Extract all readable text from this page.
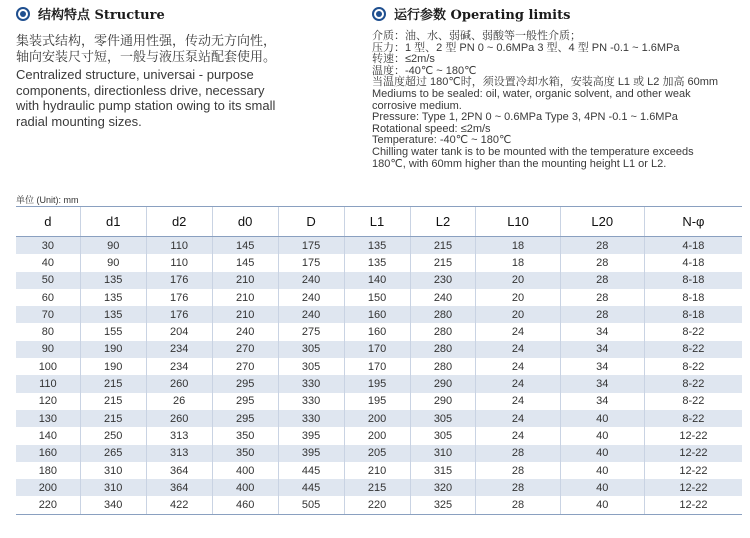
结构特点 Structure
集装式结构，零件通用性强，传动无方向性，
轴向安装尺寸短，一般与液压泵站配套使用。
Centralized structure, universai - purpose
components, directionless drive, necessary
with hydraulic pump station owing to its small
radial mounting sizes.
运行参数 Operating limits
介质：油、水、弱碱、弱酸等一般性介质；
压力：1 型、2 型 PN 0 ~ 0.6MPa 3 型、4 型 PN -0.1 ~ 1.6MPa
转速：≤2m/s
温度：-40℃ ~ 180℃
当温度超过 180℃时，须设置冷却水箱，安装高度 L1 或 L2 加高 60mm
Mediums to be sealed: oil, water, organic solvent, and other weak
corrosive medium.
Pressure: Type 1, 2PN 0 ~ 0.6MPa Type 3, 4PN -0.1 ~ 1.6MPa
Rotational speed: ≤2m/s
Temperature: -40℃ ~ 180℃
Chilling water tank is to be mounted with the temperature exceeds
180℃, with 60mm higher than the mounting height L1 or L2.
单位 (Unit): mm
d	d1	d2	d0	D	L1	L2	L10	L20	N-φ
30	90	110	145	175	135	215	18	28	4-18
40	90	110	145	175	135	215	18	28	4-18
50	135	176	210	240	140	230	20	28	8-18
60	135	176	210	240	150	240	20	28	8-18
70	135	176	210	240	160	280	20	28	8-18
80	155	204	240	275	160	280	24	34	8-22
90	190	234	270	305	170	280	24	34	8-22
100	190	234	270	305	170	280	24	34	8-22
110	215	260	295	330	195	290	24	34	8-22
120	215	26	295	330	195	290	24	34	8-22
130	215	260	295	330	200	305	24	40	8-22
140	250	313	350	395	200	305	24	40	12-22
160	265	313	350	395	205	310	28	40	12-22
180	310	364	400	445	210	315	28	40	12-22
200	310	364	400	445	215	320	28	40	12-22
220	340	422	460	505	220	325	28	40	12-22
